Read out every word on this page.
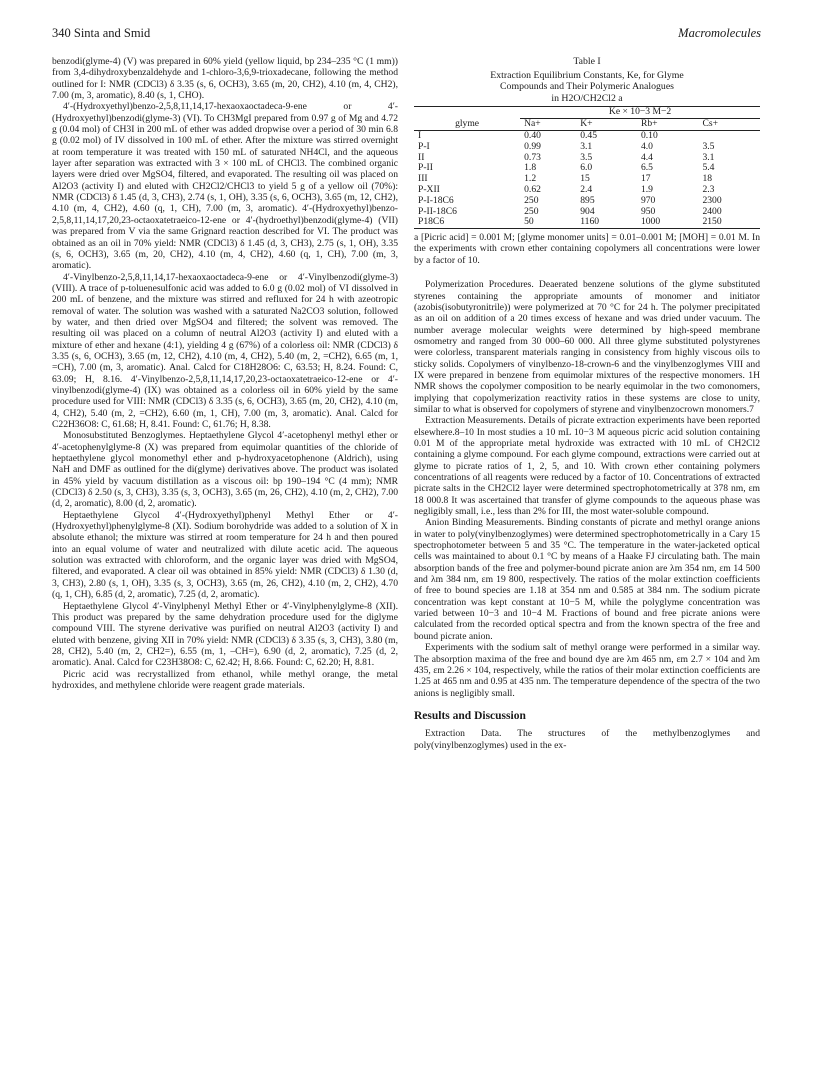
340 Sinta and Smid	Macromolecules

benzodi(glyme-4) (V) was prepared in 60% yield (yellow liquid, bp 234–235 °C (1 mm)) from 3,4-dihydroxybenzaldehyde and 1-chloro-3,6,9-trioxadecane, following the method outlined for I: NMR (CDCl3) δ 3.35 (s, 6, OCH3), 3.65 (m, 20, CH2), 4.10 (m, 4, CH2), 7.00 (m, 3, aromatic), 8.40 (s, 1, CHO).

4′-(Hydroxyethyl)benzo-2,5,8,11,14,17-hexaoxaoctadeca-9-ene or 4′-(Hydroxyethyl)benzodi(glyme-3) (VI). To CH3MgI prepared from 0.97 g of Mg and 4.72 g (0.04 mol) of CH3I in 200 mL of ether was added dropwise over a period of 30 min 6.8 g (0.02 mol) of IV dissolved in 100 mL of ether. After the mixture was stirred overnight at room temperature it was treated with 150 mL of saturated NH4Cl, and the aqueous layer after separation was extracted with 3 × 100 mL of CHCl3. The combined organic layers were dried over MgSO4, filtered, and evaporated. The resulting oil was placed on Al2O3 (activity I) and eluted with CH2Cl2/CHCl3 to yield 5 g of a yellow oil (70%): NMR (CDCl3) δ 1.45 (d, 3, CH3), 2.74 (s, 1, OH), 3.35 (s, 6, OCH3), 3.65 (m, 12, CH2), 4.10 (m, 4, CH2), 4.60 (q, 1, CH), 7.00 (m, 3, aromatic). 4′-(Hydroxyethyl)benzo-2,5,8,11,14,17,20,23-octaoxatetraeico-12-ene or 4′-(hydroethyl)benzodi(glyme-4) (VII) was prepared from V via the same Grignard reaction described for VI. The product was obtained as an oil in 70% yield: NMR (CDCl3) δ 1.45 (d, 3, CH3), 2.75 (s, 1, OH), 3.35 (s, 6, OCH3), 3.65 (m, 20, CH2), 4.10 (m, 4, CH2), 4.60 (q, 1, CH), 7.00 (m, 3, aromatic).

4′-Vinylbenzo-2,5,8,11,14,17-hexaoxaoctadeca-9-ene or 4′-Vinylbenzodi(glyme-3) (VIII). A trace of p-toluenesulfonic acid was added to 6.0 g (0.02 mol) of VI dissolved in 200 mL of benzene, and the mixture was stirred and refluxed for 24 h with azeotropic removal of water. The solution was washed with a saturated Na2CO3 solution, followed by water, and then dried over MgSO4 and filtered; the solvent was removed. The resulting oil was placed on a column of neutral Al2O3 (activity I) and eluted with a mixture of ether and hexane (4:1), yielding 4 g (67%) of a colorless oil: NMR (CDCl3) δ 3.35 (s, 6, OCH3), 3.65 (m, 12, CH2), 4.10 (m, 4, CH2), 5.40 (m, 2, =CH2), 6.65 (m, 1, =CH), 7.00 (m, 3, aromatic). Anal. Calcd for C18H28O6: C, 63.53; H, 8.24. Found: C, 63.09; H, 8.16. 4′-Vinylbenzo-2,5,8,11,14,17,20,23-octaoxatetraeico-12-ene or 4′-vinylbenzodi(glyme-4) (IX) was obtained as a colorless oil in 60% yield by the same procedure used for VIII: NMR (CDCl3) δ 3.35 (s, 6, OCH3), 3.65 (m, 20, CH2), 4.10 (m, 4, CH2), 5.40 (m, 2, =CH2), 6.60 (m, 1, CH), 7.00 (m, 3, aromatic). Anal. Calcd for C22H36O8: C, 61.68; H, 8.41. Found: C, 61.76; H, 8.38.

Monosubstituted Benzoglymes. Heptaethylene Glycol 4′-acetophenyl methyl ether or 4′-acetophenylglyme-8 (X) was prepared from equimolar quantities of the chloride of heptaethylene glycol monomethyl ether and p-hydroxyacetophenone (Aldrich), using NaH and DMF as outlined for the di(glyme) derivatives above. The product was isolated in 45% yield by vacuum distillation as a viscous oil: bp 190–194 °C (4 mm); NMR (CDCl3) δ 2.50 (s, 3, CH3), 3.35 (s, 3, OCH3), 3.65 (m, 26, CH2), 4.10 (m, 2, CH2), 7.00 (d, 2, aromatic), 8.00 (d, 2, aromatic).

Heptaethylene Glycol 4′-(Hydroxyethyl)phenyl Methyl Ether or 4′-(Hydroxyethyl)phenylglyme-8 (XI). Sodium borohydride was added to a solution of X in absolute ethanol; the mixture was stirred at room temperature for 24 h and then poured into an equal volume of water and neutralized with dilute acetic acid. The aqueous solution was extracted with chloroform, and the organic layer was dried with MgSO4, filtered, and evaporated. A clear oil was obtained in 85% yield: NMR (CDCl3) δ 1.30 (d, 3, CH3), 2.80 (s, 1, OH), 3.35 (s, 3, OCH3), 3.65 (m, 26, CH2), 4.10 (m, 2, CH2), 4.70 (q, 1, CH), 6.85 (d, 2, aromatic), 7.25 (d, 2, aromatic).

Heptaethylene Glycol 4′-Vinylphenyl Methyl Ether or 4′-Vinylphenylglyme-8 (XII). This product was prepared by the same dehydration procedure used for the diglyme compound VIII. The styrene derivative was purified on neutral Al2O3 (activity I) and eluted with benzene, giving XII in 70% yield: NMR (CDCl3) δ 3.35 (s, 3, CH3), 3.80 (m, 28, CH2), 5.40 (m, 2, CH2=), 6.55 (m, 1, –CH=), 6.90 (d, 2, aromatic), 7.25 (d, 2, aromatic). Anal. Calcd for C23H38O8: C, 62.42; H, 8.66. Found: C, 62.20; H, 8.81.

Picric acid was recrystallized from ethanol, while methyl orange, the metal hydroxides, and methylene chloride were reagent grade materials.

Table I
Extraction Equilibrium Constants, Ke, for Glyme
Compounds and Their Polymeric Analogues
in H2O/CH2Cl2 a
	Ke × 10−3 M−2			
glyme	Na+	K+	Rb+	Cs+
I	0.40	0.45	0.10	
P-I	0.99	3.1	4.0	3.5
II	0.73	3.5	4.4	3.1
P-II	1.8	6.0	6.5	5.4
III	1.2	15	17	18
P-XII	0.62	2.4	1.9	2.3
P-I-18C6	250	895	970	2300
P-II-18C6	250	904	950	2400
P18C6	50	1160	1000	2150
a [Picric acid] = 0.001 M; [glyme monomer units] = 0.01–0.001 M; [MOH] = 0.01 M. In the experiments with crown ether containing copolymers all concentrations were lower by a factor of 10.

Polymerization Procedures. Deaerated benzene solutions of the glyme substituted styrenes containing the appropriate amounts of monomer and initiator (azobis(isobutyronitrile)) were polymerized at 70 °C for 24 h. The polymer precipitated as an oil on addition of a 20 times excess of hexane and was dried under vacuum. The number average molecular weights were determined by high-speed membrane osmometry and ranged from 30 000–60 000. All three glyme substituted polystyrenes were colorless, transparent materials ranging in consistency from highly viscous oils to sticky solids. Copolymers of vinylbenzo-18-crown-6 and the vinylbenzoglymes VIII and IX were prepared in benzene from equimolar mixtures of the respective monomers. 1H NMR shows the copolymer composition to be nearly equimolar in the two comonomers, implying that copolymerization reactivity ratios in these systems are close to unity, similar to what is observed for copolymers of styrene and vinylbenzocrown monomers.7

Extraction Measurements. Details of picrate extraction experiments have been reported elsewhere.8–10 In most studies a 10 mL 10−3 M aqueous picric acid solution containing 0.01 M of the appropriate metal hydroxide was extracted with 10 mL of CH2Cl2 containing a glyme compound. For each glyme compound, extractions were carried out at glyme to picrate ratios of 1, 2, 5, and 10. With crown ether containing polymers concentrations of all reagents were reduced by a factor of 10. Concentrations of extracted picrate salts in the CH2Cl2 layer were determined spectrophotometrically at 378 nm, εm 18 000.8 It was ascertained that transfer of glyme compounds to the aqueous phase was negligibly small, i.e., less than 2% for III, the most water-soluble compound.

Anion Binding Measurements. Binding constants of picrate and methyl orange anions in water to poly(vinylbenzoglymes) were determined spectrophotometrically in a Cary 15 spectrophotometer between 5 and 35 °C. The temperature in the water-jacketed optical cells was maintained to about 0.1 °C by means of a Haake FJ circulating bath. The main absorption bands of the free and polymer-bound picrate anion are λm 354 nm, εm 14 500 and λm 384 nm, εm 19 800, respectively. The ratios of the molar extinction coefficients of free to bound species are 1.18 at 354 nm and 0.585 at 384 nm. The sodium picrate concentration was kept constant at 10−5 M, while the polyglyme concentration was varied between 10−3 and 10−4 M. Fractions of bound and free picrate anions were calculated from the recorded optical spectra and from the known spectra of the free and bound picrate anion.

Experiments with the sodium salt of methyl orange were performed in a similar way. The absorption maxima of the free and bound dye are λm 465 nm, εm 2.7 × 104 and λm 435, εm 2.26 × 104, respectively, while the ratios of their molar extinction coefficients are 1.25 at 465 nm and 0.95 at 435 nm. The temperature dependence of the spectra of the two anions is negligibly small.

Results and Discussion

Extraction Data. The structures of the methylbenzoglymes and poly(vinylbenzoglymes) used in the ex-
